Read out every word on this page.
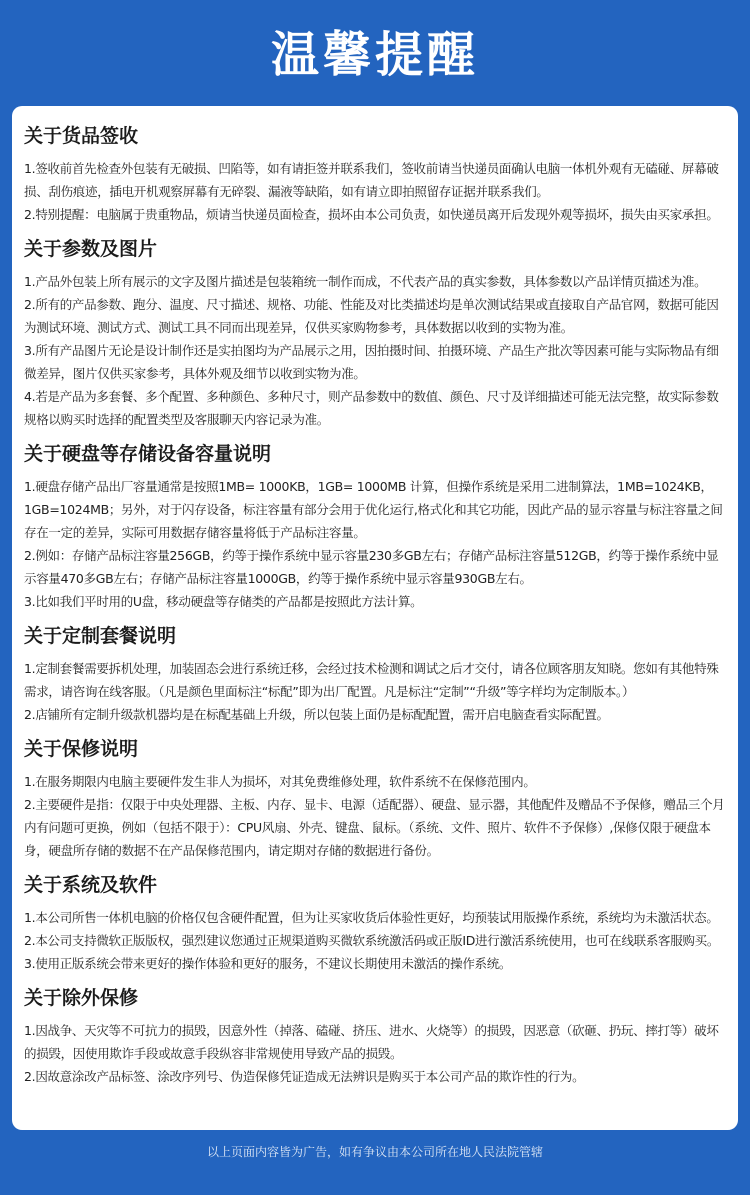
温馨提醒
关于货品签收

1.签收前首先检查外包装有无破损、凹陷等，如有请拒签并联系我们，签收前请当快递员面确认电脑一体机外观有无磕碰、屏幕破损、刮伤痕迹，插电开机观察屏幕有无碎裂、漏液等缺陷，如有请立即拍照留存证据并联系我们。

2.特别提醒：电脑属于贵重物品，烦请当快递员面检查，损坏由本公司负责，如快递员离开后发现外观等损坏，损失由买家承担。

关于参数及图片

1.产品外包装上所有展示的文字及图片描述是包装箱统一制作而成，不代表产品的真实参数，具体参数以产品详情页描述为准。

2.所有的产品参数、跑分、温度、尺寸描述、规格、功能、性能及对比类描述均是单次测试结果或直接取自产品官网，数据可能因为测试环境、测试方式、测试工具不同而出现差异，仅供买家购物参考，具体数据以收到的实物为准。

3.所有产品图片无论是设计制作还是实拍图均为产品展示之用，因拍摄时间、拍摄环境、产品生产批次等因素可能与实际物品有细微差异，图片仅供买家参考，具体外观及细节以收到实物为准。

4.若是产品为多套餐、多个配置、多种颜色、多种尺寸，则产品参数中的数值、颜色、尺寸及详细描述可能无法完整，故实际参数规格以购买时选择的配置类型及客服聊天内容记录为准。

关于硬盘等存储设备容量说明

1.硬盘存储产品出厂容量通常是按照1MB= 1000KB，1GB= 1000MB 计算，但操作系统是采用二进制算法，1MB=1024KB，1GB=1024MB；另外，对于闪存设备，标注容量有部分会用于优化运行,格式化和其它功能，因此产品的显示容量与标注容量之间存在一定的差异，实际可用数据存储容量将低于产品标注容量。

2.例如：存储产品标注容量256GB，约等于操作系统中显示容量230多GB左右；存储产品标注容量512GB，约等于操作系统中显示容量470多GB左右；存储产品标注容量1000GB，约等于操作系统中显示容量930GB左右。

3.比如我们平时用的U盘，移动硬盘等存储类的产品都是按照此方法计算。

关于定制套餐说明

1.定制套餐需要拆机处理，加装固态会进行系统迁移，会经过技术检测和调试之后才交付，请各位顾客朋友知晓。您如有其他特殊需求，请咨询在线客服。（凡是颜色里面标注“标配”即为出厂配置。凡是标注“定制”“升级”等字样均为定制版本。）

2.店铺所有定制升级款机器均是在标配基础上升级，所以包装上面仍是标配配置，需开启电脑查看实际配置。

关于保修说明

1.在服务期限内电脑主要硬件发生非人为损坏，对其免费维修处理，软件系统不在保修范围内。

2.主要硬件是指：仅限于中央处理器、主板、内存、显卡、电源（适配器）、硬盘、显示器，其他配件及赠品不予保修，赠品三个月内有问题可更换，例如（包括不限于）：CPU风扇、外壳、键盘、鼠标。（系统、文件、照片、软件不予保修）,保修仅限于硬盘本身，硬盘所存储的数据不在产品保修范围内，请定期对存储的数据进行备份。

关于系统及软件

1.本公司所售一体机电脑的价格仅包含硬件配置，但为让买家收货后体验性更好，均预装试用版操作系统，系统均为未激活状态。

2.本公司支持微软正版版权，强烈建议您通过正规渠道购买微软系统激活码或正版ID进行激活系统使用，也可在线联系客服购买。

3.使用正版系统会带来更好的操作体验和更好的服务，不建议长期使用未激活的操作系统。

关于除外保修

1.因战争、天灾等不可抗力的损毁，因意外性（掉落、磕碰、挤压、进水、火烧等）的损毁，因恶意（砍砸、扔玩、摔打等）破坏的损毁，因使用欺诈手段或故意手段纵容非常规使用导致产品的损毁。

2.因故意涂改产品标签、涂改序列号、伪造保修凭证造成无法辨识是购买于本公司产品的欺诈性的行为。

以上页面内容皆为广告，如有争议由本公司所在地人民法院管辖
